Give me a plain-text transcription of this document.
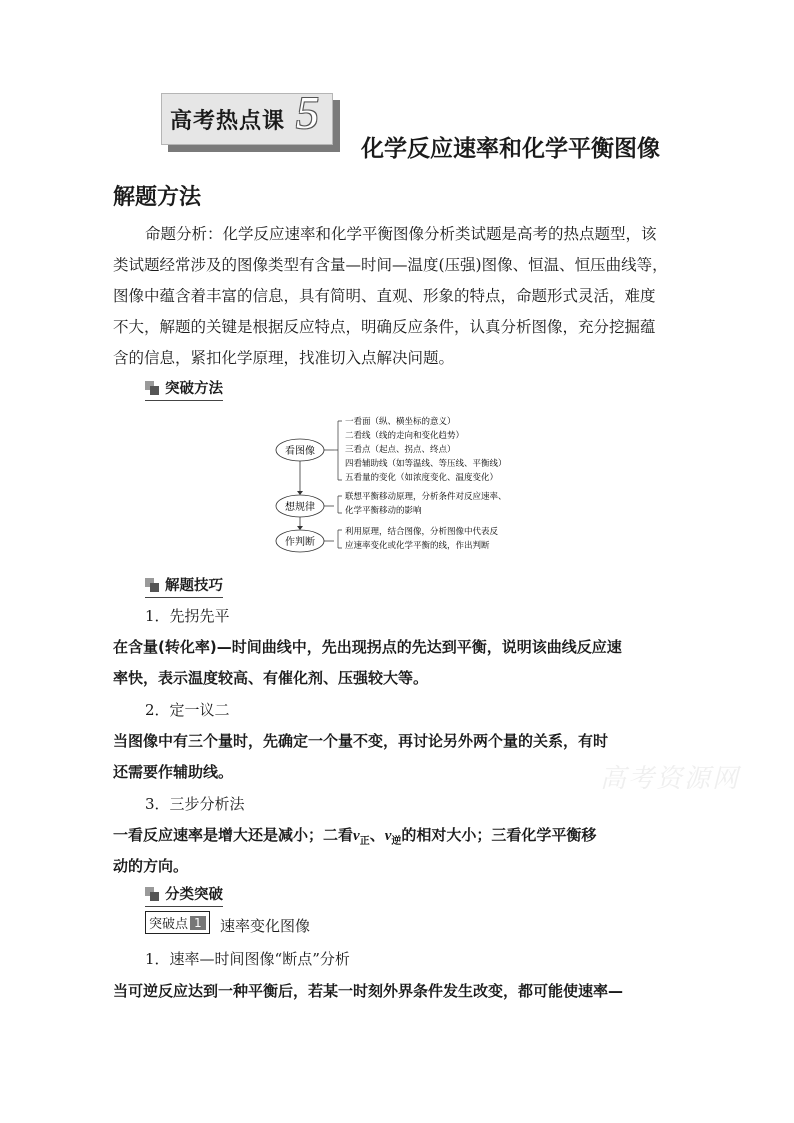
高考热点课 5
化学反应速率和化学平衡图像
解题方法
命题分析：化学反应速率和化学平衡图像分析类试题是高考的热点题型，该
类试题经常涉及的图像类型有含量—时间—温度(压强)图像、恒温、恒压曲线等，
图像中蕴含着丰富的信息，具有简明、直观、形象的特点，命题形式灵活，难度
不大，解题的关键是根据反应特点，明确反应条件，认真分析图像，充分挖掘蕴
含的信息，紧扣化学原理，找准切入点解决问题。
突破方法
看图像
想规律
作判断
一看面（纵、横坐标的意义）
二看线（线的走向和变化趋势）
三看点（起点、拐点、终点）
四看辅助线（如等温线、等压线、平衡线）
五看量的变化（如浓度变化、温度变化）
联想平衡移动原理，分析条件对反应速率、
化学平衡移动的影响
利用原理，结合图像，分析图像中代表反
应速率变化或化学平衡的线，作出判断
解题技巧
1．先拐先平
在含量(转化率)—时间曲线中，先出现拐点的先达到平衡，说明该曲线反应速
率快，表示温度较高、有催化剂、压强较大等。
2．定一议二
当图像中有三个量时，先确定一个量不变，再讨论另外两个量的关系，有时
还需要作辅助线。
3．三步分析法
一看反应速率是增大还是减小；二看$v_正$、$v_逆$的相对大小；三看化学平衡移
动的方向。
分类突破
突破点 1 速率变化图像
1．速率—时间图像“断点”分析
当可逆反应达到一种平衡后，若某一时刻外界条件发生改变，都可能使速率—
高考资源网
